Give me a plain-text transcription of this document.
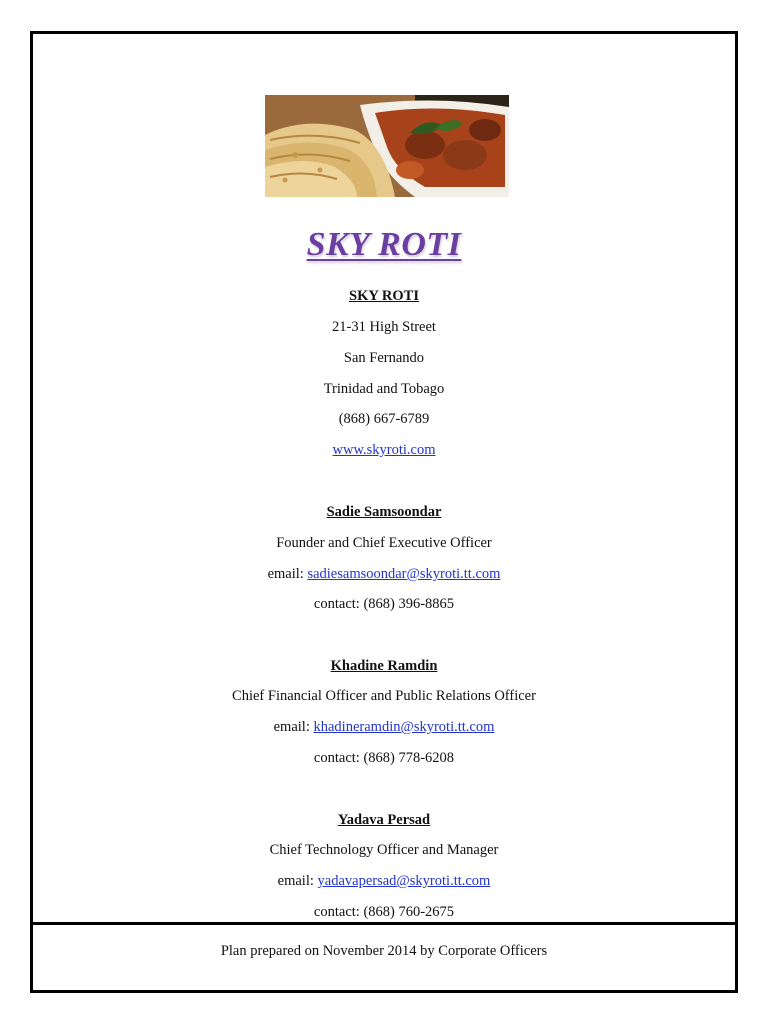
SKY ROTI
SKY ROTI
21-31 High Street
San Fernando
Trinidad and Tobago
(868) 667-6789
www.skyroti.com
Sadie Samsoondar
Founder and Chief Executive Officer
email: sadiesamsoondar@skyroti.tt.com
contact: (868) 396-8865
Khadine Ramdin
Chief Financial Officer and Public Relations Officer
email: khadineramdin@skyroti.tt.com
contact: (868) 778-6208
Yadava Persad
Chief Technology Officer and Manager
email: yadavapersad@skyroti.tt.com
contact: (868) 760-2675
Plan prepared on November 2014 by Corporate Officers
